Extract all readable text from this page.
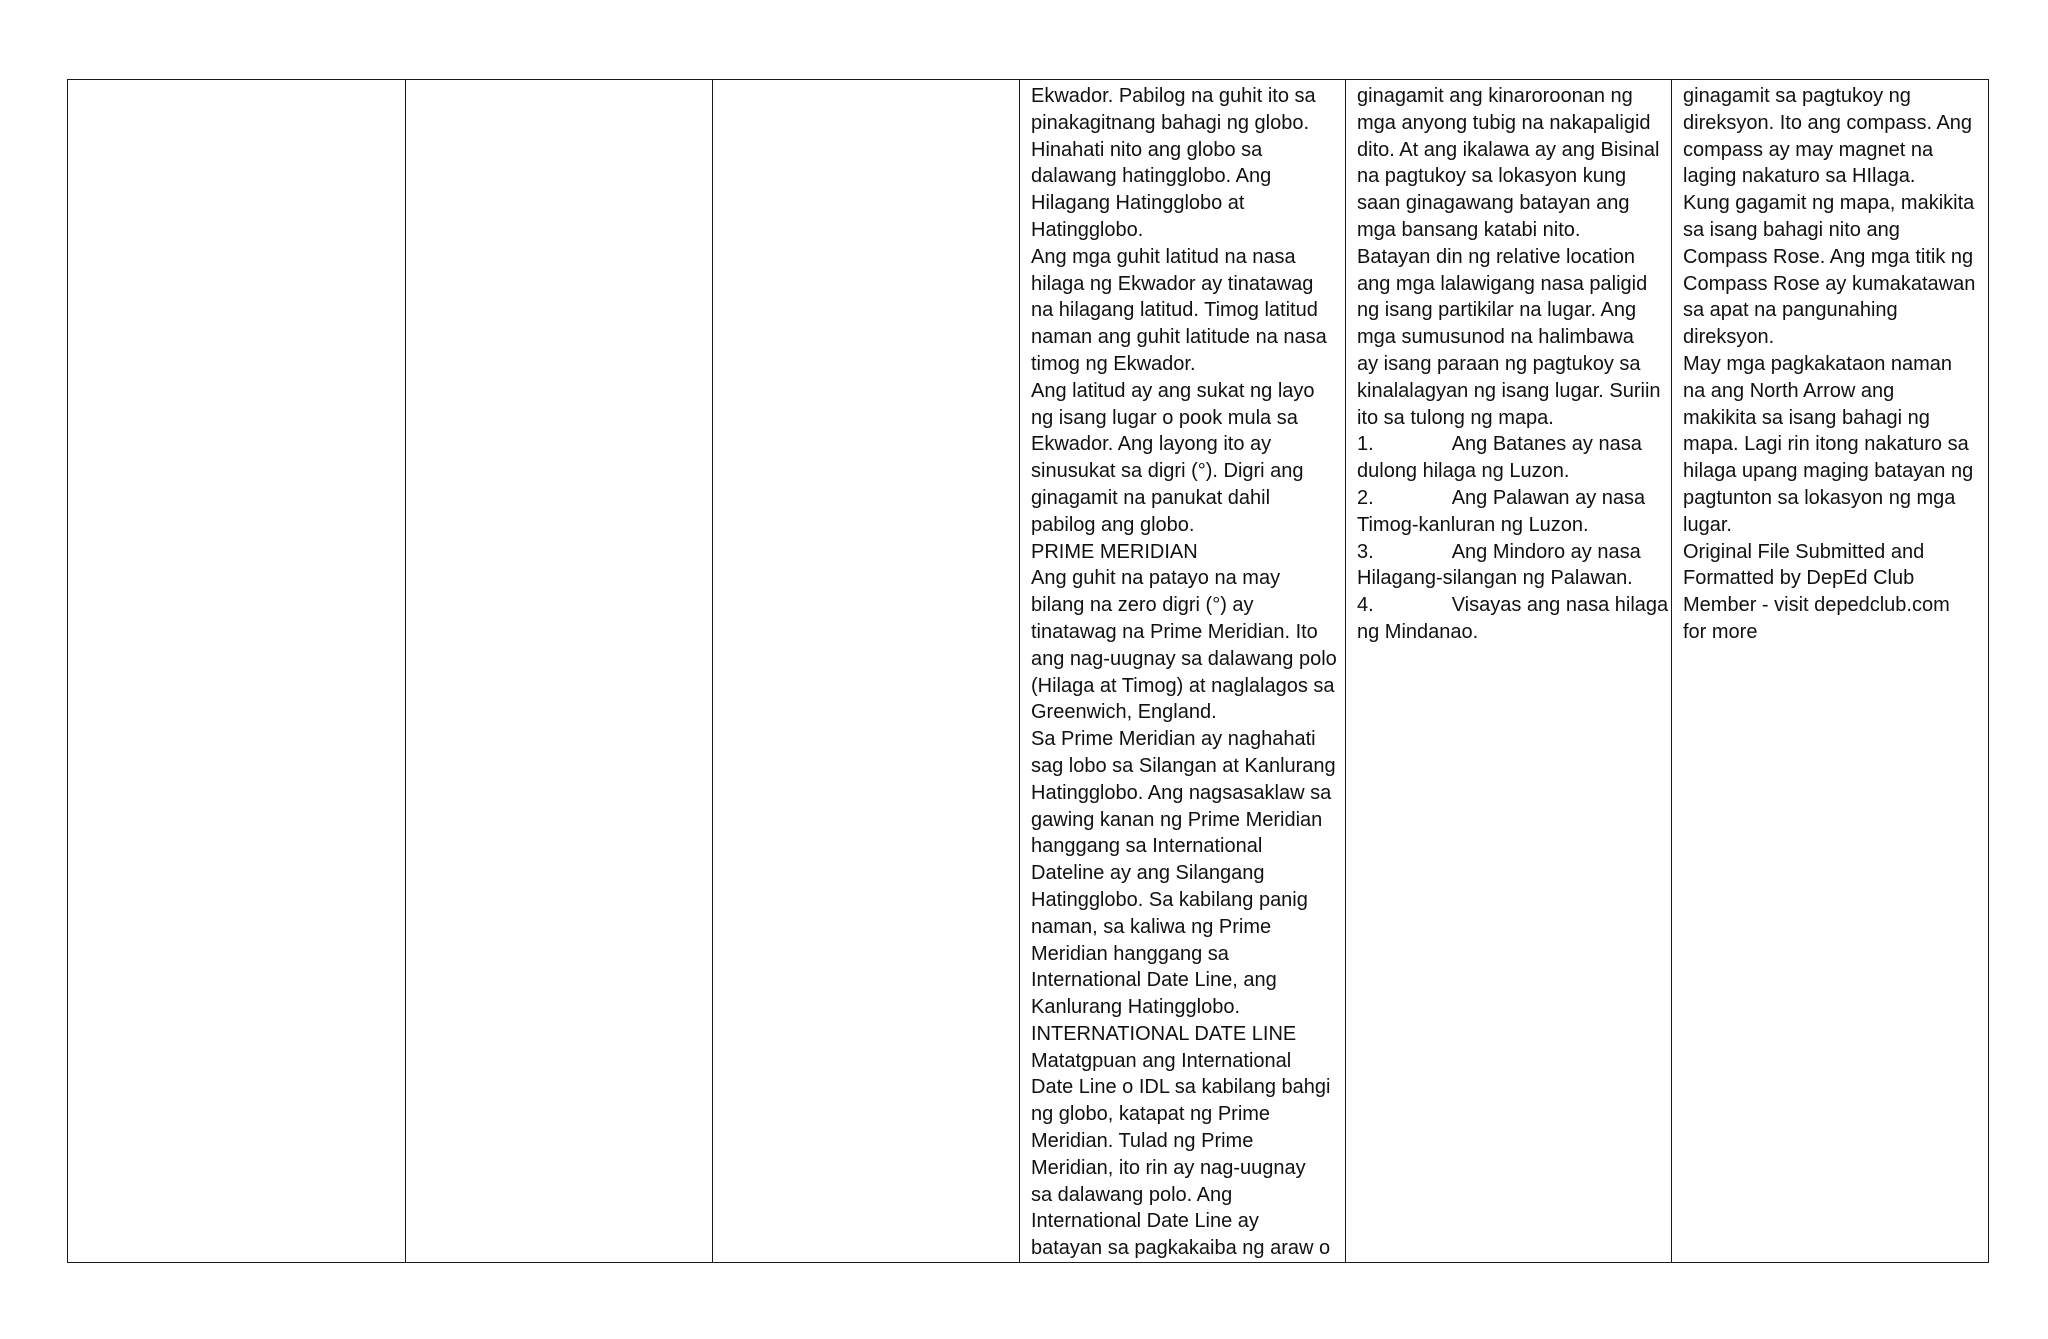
Ekwador. Pabilog na guhit ito sa
pinakagitnang bahagi ng globo.
Hinahati nito ang globo sa
dalawang hatingglobo. Ang
Hilagang Hatingglobo at
Hatingglobo.
Ang mga guhit latitud na nasa
hilaga ng Ekwador ay tinatawag
na hilagang latitud. Timog latitud
naman ang guhit latitude na nasa
timog ng Ekwador.
Ang latitud ay ang sukat ng layo
ng isang lugar o pook mula sa
Ekwador. Ang layong ito ay
sinusukat sa digri (°). Digri ang
ginagamit na panukat dahil
pabilog ang globo.
PRIME MERIDIAN
Ang guhit na patayo na may
bilang na zero digri (°) ay
tinatawag na Prime Meridian. Ito
ang nag-uugnay sa dalawang polo
(Hilaga at Timog) at naglalagos sa
Greenwich, England.
Sa Prime Meridian ay naghahati
sag lobo sa Silangan at Kanlurang
Hatingglobo. Ang nagsasaklaw sa
gawing kanan ng Prime Meridian
hanggang sa International
Dateline ay ang Silangang
Hatingglobo. Sa kabilang panig
naman, sa kaliwa ng Prime
Meridian hanggang sa
International Date Line, ang
Kanlurang Hatingglobo.
INTERNATIONAL DATE LINE
Matatgpuan ang International
Date Line o IDL sa kabilang bahgi
ng globo, katapat ng Prime
Meridian. Tulad ng Prime
Meridian, ito rin ay nag-uugnay
sa dalawang polo. Ang
International Date Line ay
batayan sa pagkakaiba ng araw o

ginagamit ang kinaroroonan ng
mga anyong tubig na nakapaligid
dito. At ang ikalawa ay ang Bisinal
na pagtukoy sa lokasyon kung
saan ginagawang batayan ang
mga bansang katabi nito.
Batayan din ng relative location
ang mga lalawigang nasa paligid
ng isang partikilar na lugar. Ang
mga sumusunod na halimbawa
ay isang paraan ng pagtukoy sa
kinalalagyan ng isang lugar. Suriin
ito sa tulong ng mapa.
1.	Ang Batanes ay nasa
dulong hilaga ng Luzon.
2.	Ang Palawan ay nasa
Timog-kanluran ng Luzon.
3.	Ang Mindoro ay nasa
Hilagang-silangan ng Palawan.
4.	Visayas ang nasa hilaga
ng Mindanao.

ginagamit sa pagtukoy ng
direksyon. Ito ang compass. Ang
compass ay may magnet na
laging nakaturo sa HIlaga.
Kung gagamit ng mapa, makikita
sa isang bahagi nito ang
Compass Rose. Ang mga titik ng
Compass Rose ay kumakatawan
sa apat na pangunahing
direksyon.
May mga pagkakataon naman
na ang North Arrow ang
makikita sa isang bahagi ng
mapa. Lagi rin itong nakaturo sa
hilaga upang maging batayan ng
pagtunton sa lokasyon ng mga
lugar.
Original File Submitted and
Formatted by DepEd Club
Member - visit depedclub.com
for more
